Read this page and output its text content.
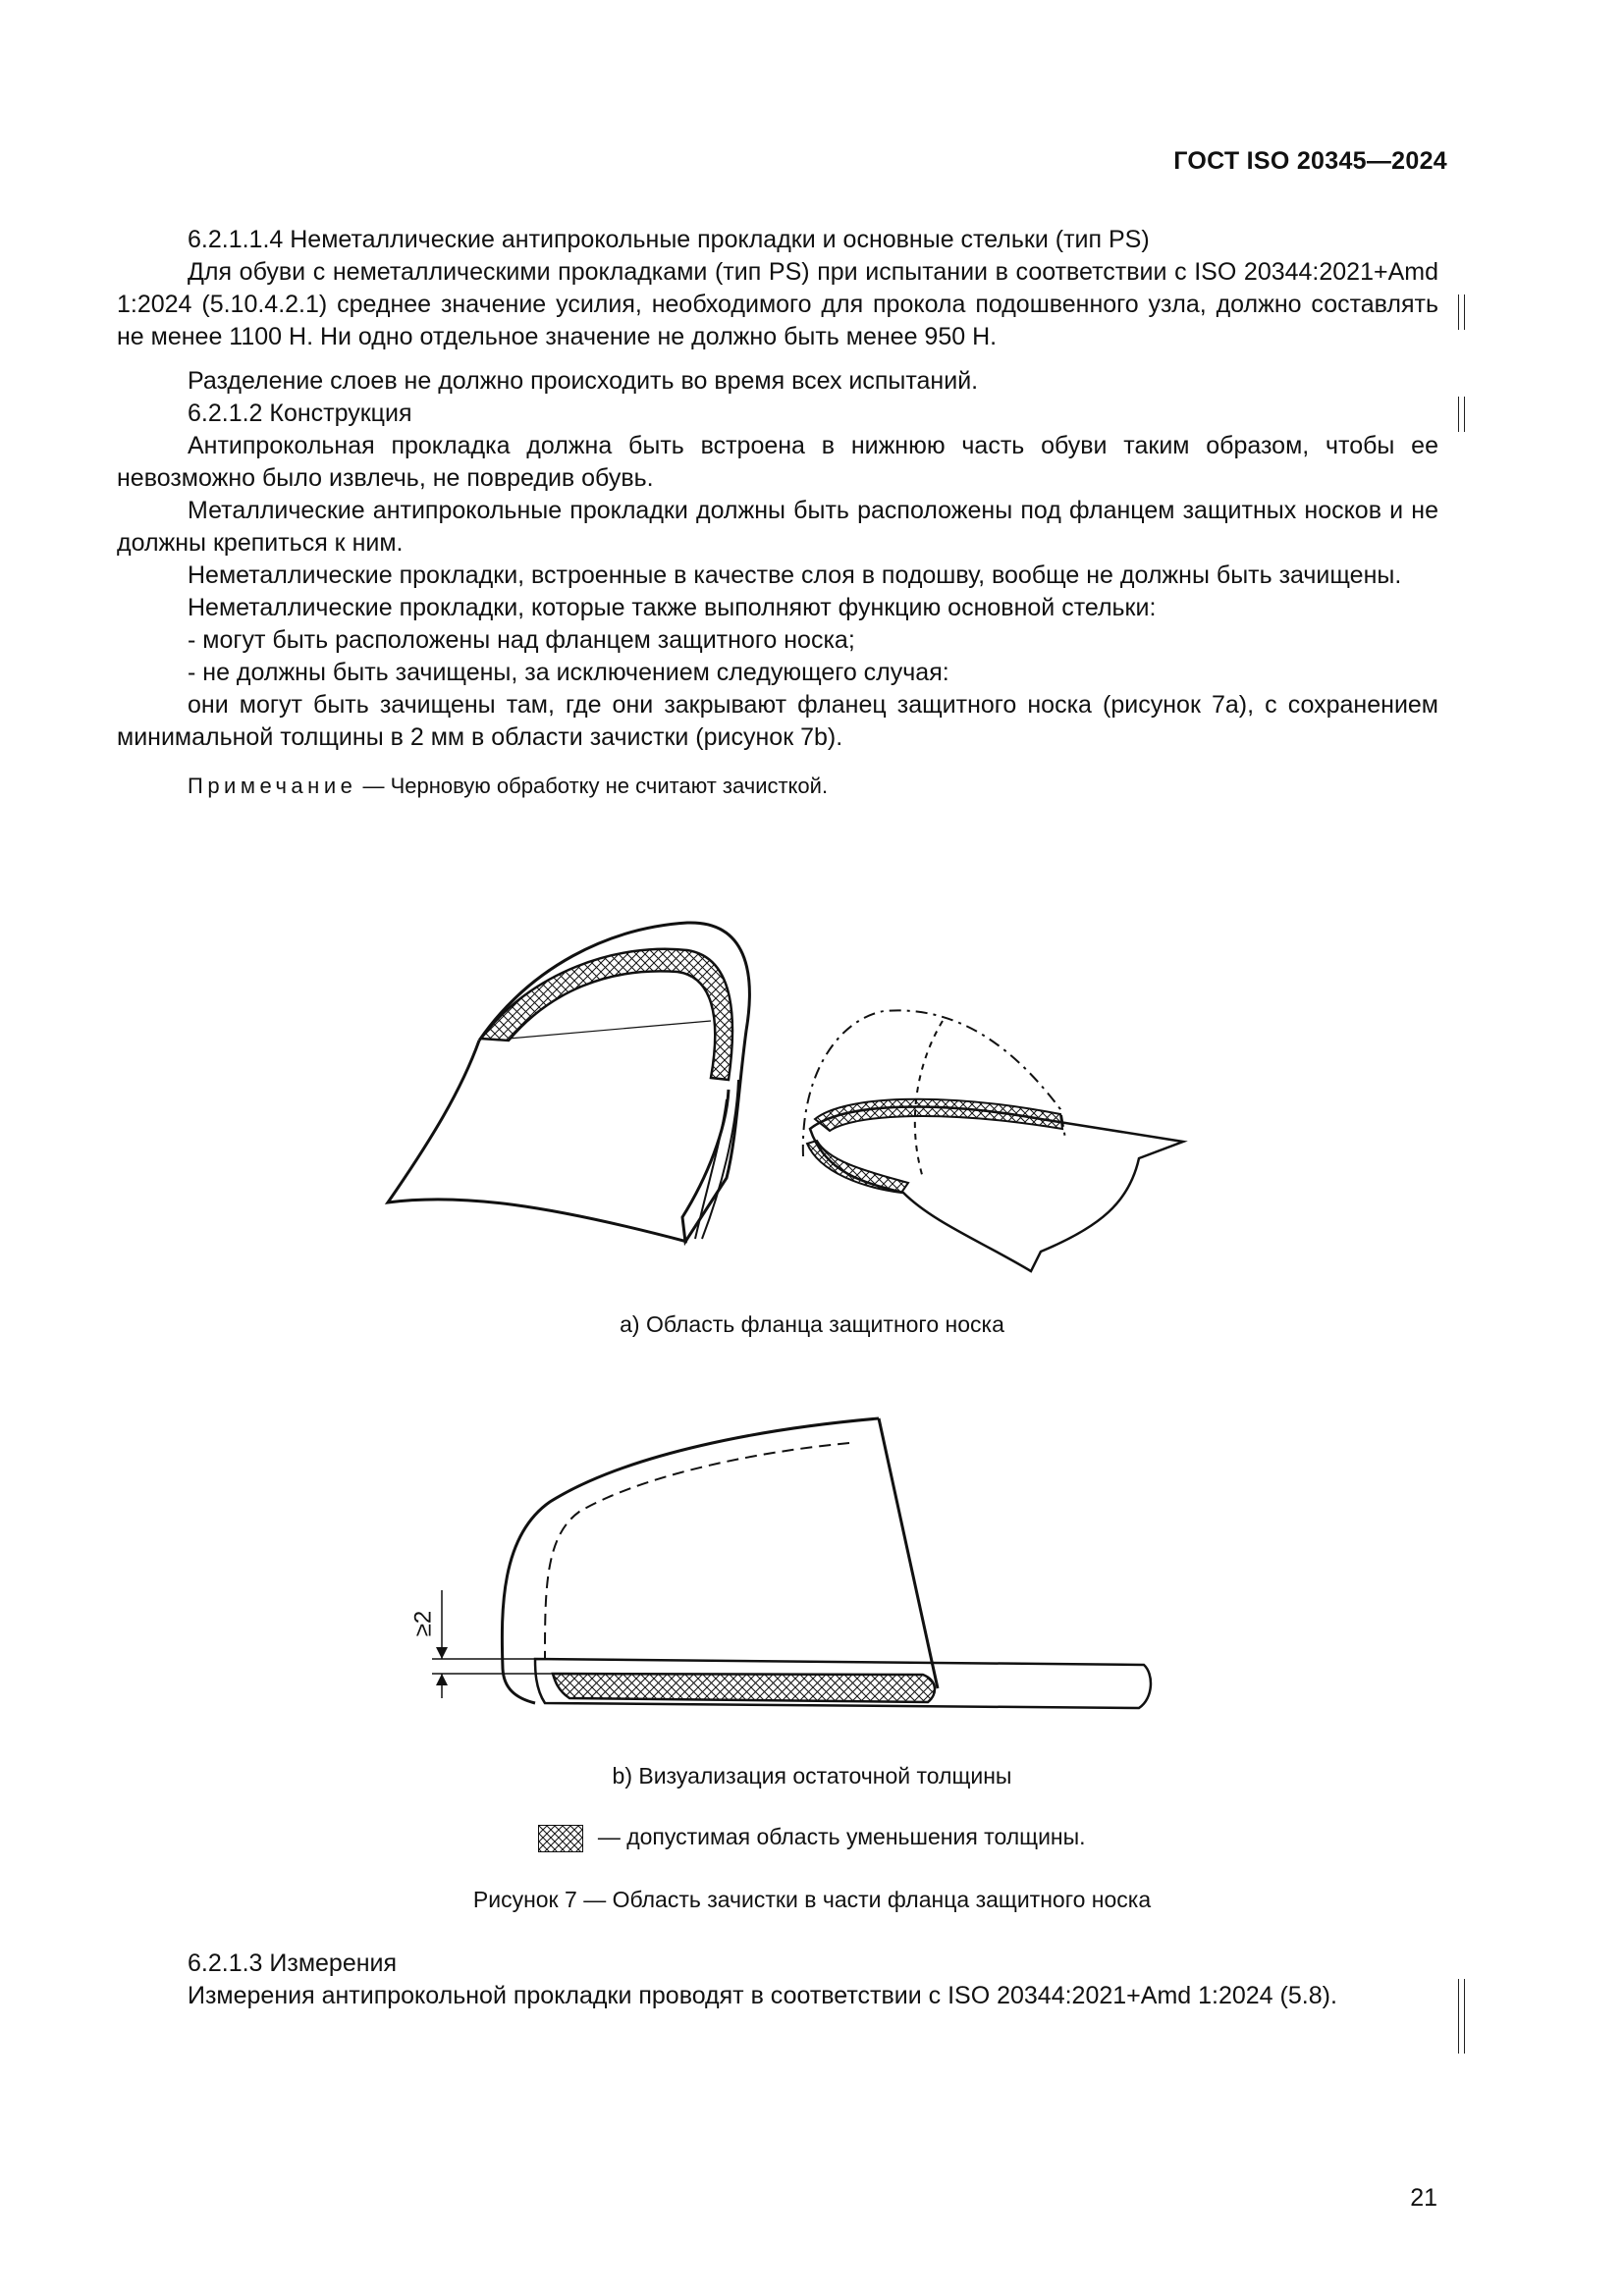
ГОСТ ISO 20345—2024

6.2.1.1.4 Неметаллические антипрокольные прокладки и основные стельки (тип PS)

Для обуви с неметаллическими прокладками (тип PS) при испытании в соответствии с ISO 20344:2021+Amd 1:2024 (5.10.4.2.1) среднее значение усилия, необходимого для прокола подошвенного узла, должно составлять не менее 1100 Н. Ни одно отдельное значение не должно быть менее 950 Н.

Разделение слоев не должно происходить во время всех испытаний.

6.2.1.2 Конструкция

Антипрокольная прокладка должна быть встроена в нижнюю часть обуви таким образом, чтобы ее невозможно было извлечь, не повредив обувь.

Металлические антипрокольные прокладки должны быть расположены под фланцем защитных носков и не должны крепиться к ним.

Неметаллические прокладки, встроенные в качестве слоя в подошву, вообще не должны быть зачищены.

Неметаллические прокладки, которые также выполняют функцию основной стельки:

- могут быть расположены над фланцем защитного носка;

- не должны быть зачищены, за исключением следующего случая:

они могут быть зачищены там, где они закрывают фланец защитного носка (рисунок 7а), с сохранением минимальной толщины в 2 мм в области зачистки (рисунок 7b).

Примечание — Черновую обработку не считают зачисткой.

а) Область фланца защитного носка
≥2
b) Визуализация остаточной толщины
— допустимая область уменьшения толщины.
Рисунок 7 — Область зачистки в части фланца защитного носка

6.2.1.3 Измерения

Измерения антипрокольной прокладки проводят в соответствии с ISO 20344:2021+Amd 1:2024 (5.8).

21
